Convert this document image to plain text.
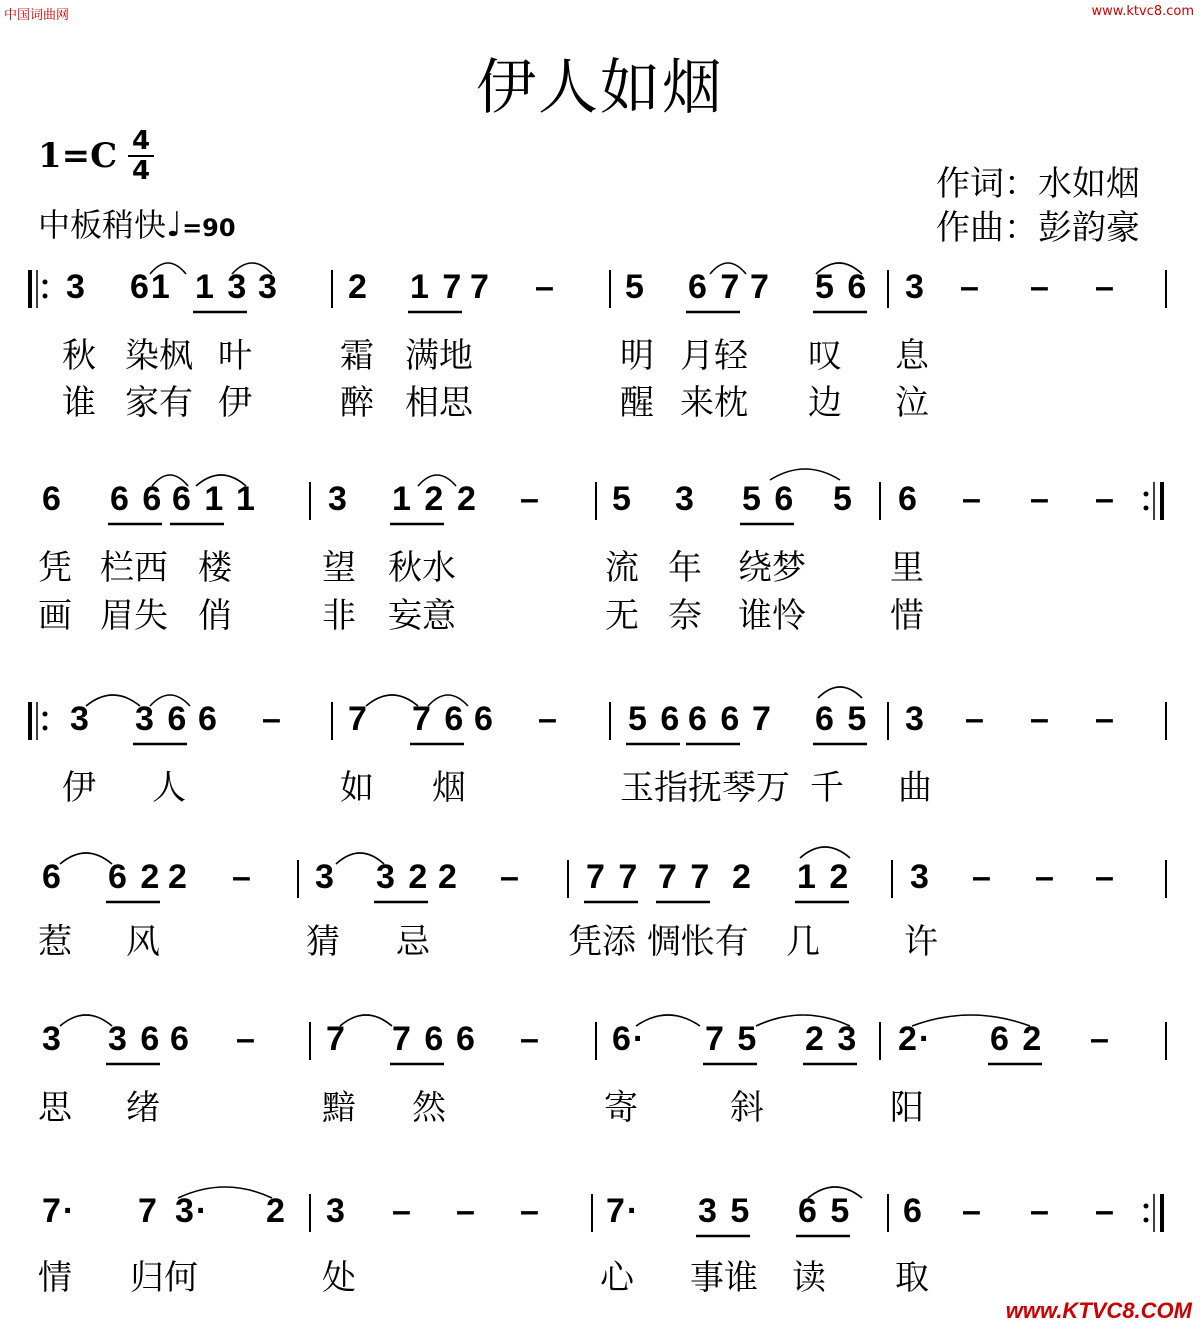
中国词曲网	www.ktvc8.com
伊人如烟
1=C 4
4
中板稍快♩=90
作词：水如烟
作曲：彭韵豪
3 61 1 3 3 2 1 7 7 – 5 6 7 7 5 6 3 – – –
秋 染枫 叶	霜 满地	明 月轻 叹 息
谁 家有 伊	醉 相思	醒 来枕 边 泣
6 6 6 6 1 1 3 1 2 2 – 5 3 5 6 5 6 – – –
凭 栏西 楼	望 秋水	流 年 绕梦 里
画 眉失 俏	非 妄意	无 奈 谁怜 惜
3 3 6 6 – 7 7 6 6 – 5 6 6 6 7 6 5 3 – – –
伊 人	如 烟	玉指抚琴万 千 曲
6 6 2 2 – 3 3 2 2 – 7 7 7 7 2 1 2 3 – – –
惹 风	猜 忌	凭添 惆怅有 几 许
3 3 6 6 – 7 7 6 6 – 6· 7 5 2 3 2· 6 2 –
思 绪	黯 然	寄	斜	阳
7· 7 3· 2 3 – – – 7· 3 5 6 5 6 – – –
情 归何	处	心 事谁 读 取
www.KTVC8.COM
